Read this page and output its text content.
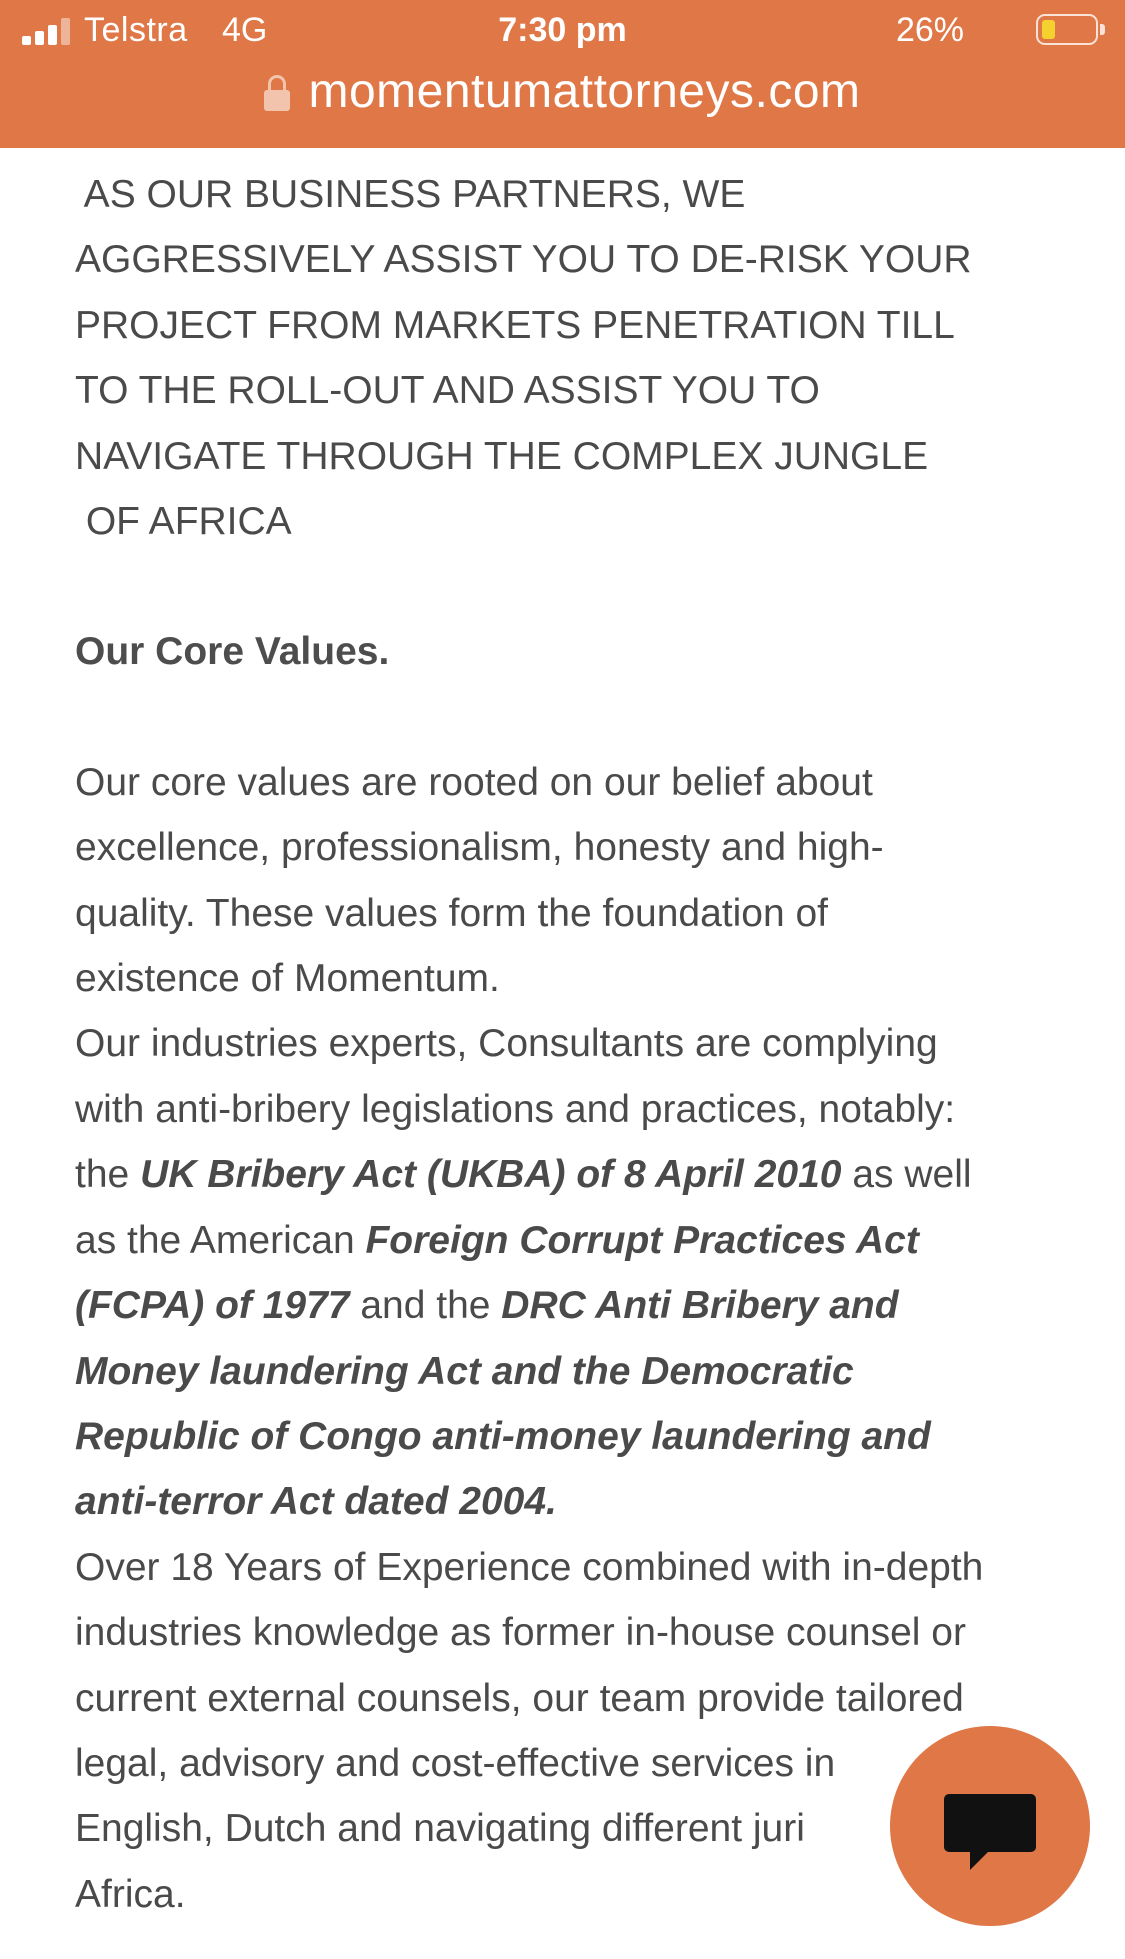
Telstra 4G	7:30 pm	26%
momentumattorneys.com

AS OUR BUSINESS PARTNERS, WE
AGGRESSIVELY ASSIST YOU TO DE-RISK YOUR
PROJECT FROM MARKETS PENETRATION TILL
TO THE ROLL-OUT AND ASSIST YOU TO
NAVIGATE THROUGH THE COMPLEX JUNGLE
OF AFRICA

Our Core Values.

Our core values are rooted on our belief about
excellence, professionalism, honesty and high-
quality. These values form the foundation of
existence of Momentum.

Our industries experts, Consultants are complying
with anti-bribery legislations and practices, notably:
the UK Bribery Act (UKBA) of 8 April 2010 as well
as the American Foreign Corrupt Practices Act
(FCPA) of 1977 and the DRC Anti Bribery and
Money laundering Act and the Democratic
Republic of Congo anti-money laundering and
anti-terror Act dated 2004.

Over 18 Years of Experience combined with in-depth
industries knowledge as former in-house counsel or
current external counsels, our team provide tailored
legal, advisory and cost-effective services in
English, Dutch and navigating different juri
Africa.
